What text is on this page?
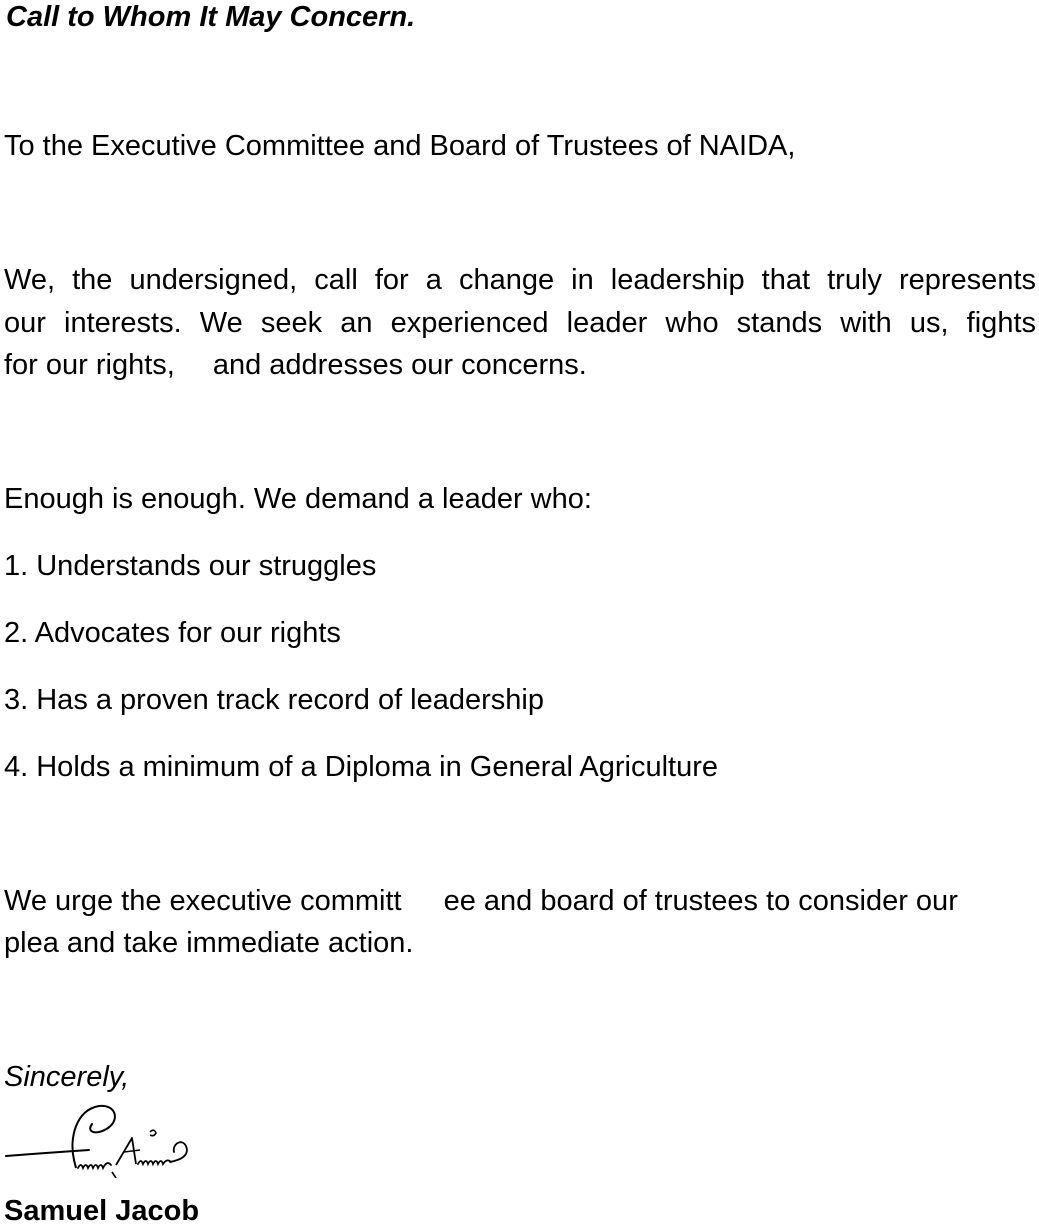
Call to Whom It May Concern.
To the Executive Committee and Board of Trustees of NAIDA,
We, the undersigned, call for a change in leadership that truly represents
our interests. We seek an experienced leader who stands with us, fights
for our rights, and addresses our concerns.
Enough is enough. We demand a leader who:
1. Understands our struggles
2. Advocates for our rights
3. Has a proven track record of leadership
4. Holds a minimum of a Diploma in General Agriculture
We urge the executive committ ee and board of trustees to consider our
plea and take immediate action.
Sincerely,
Samuel Jacob
